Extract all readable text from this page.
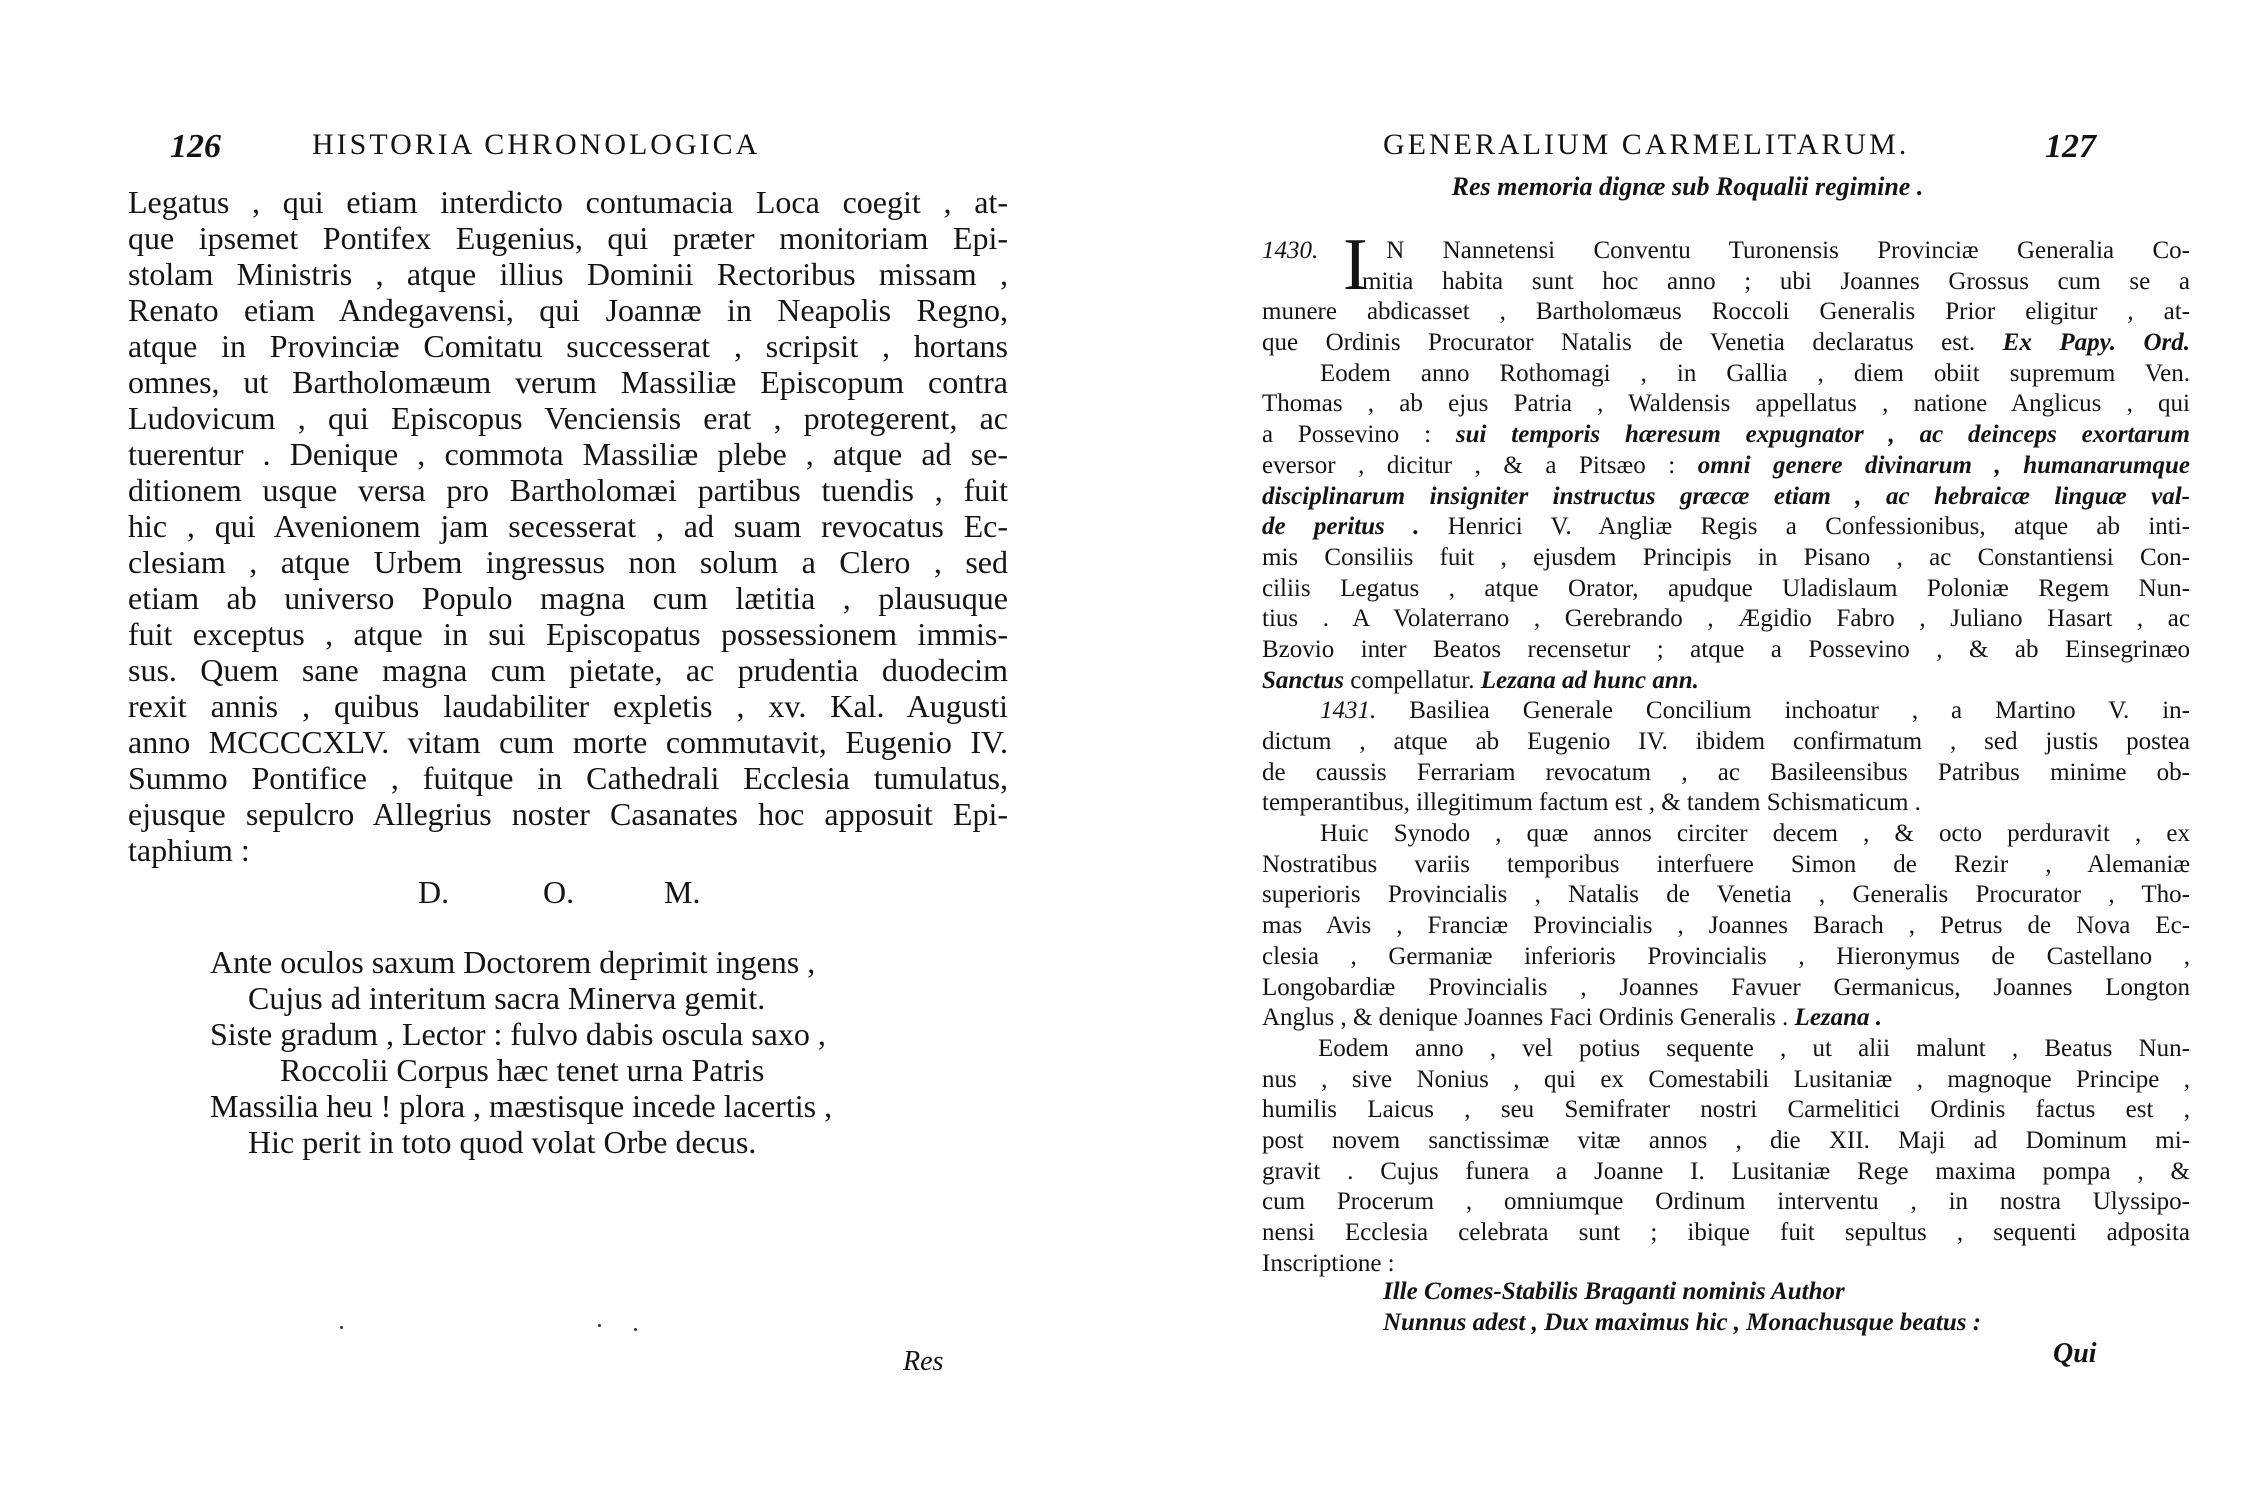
126	HISTORIA CHRONOLOGICA
Legatus , qui etiam interdicto contumacia Loca coegit , at-
que ipsemet Pontifex Eugenius, qui præter monitoriam Epi-
stolam Ministris , atque illius Dominii Rectoribus missam ,
Renato etiam Andegavensi, qui Joannæ in Neapolis Regno,
atque in Provinciæ Comitatu successerat , scripsit , hortans
omnes, ut Bartholomæum verum Massiliæ Episcopum contra
Ludovicum , qui Episcopus Venciensis erat , protegerent, ac
tuerentur . Denique , commota Massiliæ plebe , atque ad se-
ditionem usque versa pro Bartholomæi partibus tuendis , fuit
hic , qui Avenionem jam secesserat , ad suam revocatus Ec-
clesiam , atque Urbem ingressus non solum a Clero , sed
etiam ab universo Populo magna cum lætitia , plausuque
fuit exceptus , atque in sui Episcopatus possessionem immis-
sus. Quem sane magna cum pietate, ac prudentia duodecim
rexit annis , quibus laudabiliter expletis , xv. Kal. Augusti
anno MCCCCXLV. vitam cum morte commutavit, Eugenio IV.
Summo Pontifice , fuitque in Cathedrali Ecclesia tumulatus,
ejusque sepulcro Allegrius noster Casanates hoc apposuit Epi-
taphium :
D.	O.	M.
Ante oculos saxum Doctorem deprimit ingens ,
Cujus ad interitum sacra Minerva gemit.
Siste gradum , Lector : fulvo dabis oscula saxo ,
Roccolii Corpus hæc tenet urna Patris
Massilia heu ! plora , mæstisque incede lacertis ,
Hic perit in toto quod volat Orbe decus.
Res
GENERALIUM CARMELITARUM.	127
Res memoria dignæ sub Roqualii regimine .
I
1430.	N Nannetensi Conventu Turonensis Provinciæ Generalia Co-
mitia habita sunt hoc anno ; ubi Joannes Grossus cum se a
munere abdicasset , Bartholomæus Roccoli Generalis Prior eligitur , at-
que Ordinis Procurator Natalis de Venetia declaratus est. Ex Papy. Ord.
Eodem anno Rothomagi , in Gallia , diem obiit supremum Ven.
Thomas , ab ejus Patria , Waldensis appellatus , natione Anglicus , qui
a Possevino : sui temporis hæresum expugnator , ac deinceps exortarum
eversor , dicitur , & a Pitsæo : omni genere divinarum , humanarumque
disciplinarum insigniter instructus græcæ etiam , ac hebraicæ linguæ val-
de peritus . Henrici V. Angliæ Regis a Confessionibus, atque ab inti-
mis Consiliis fuit , ejusdem Principis in Pisano , ac Constantiensi Con-
ciliis Legatus , atque Orator, apudque Uladislaum Poloniæ Regem Nun-
tius . A Volaterrano , Gerebrando , Ægidio Fabro , Juliano Hasart , ac
Bzovio inter Beatos recensetur ; atque a Possevino , & ab Einsegrinæo
Sanctus compellatur. Lezana ad hunc ann.
1431. Basiliea Generale Concilium inchoatur , a Martino V. in-
dictum , atque ab Eugenio IV. ibidem confirmatum , sed justis postea
de caussis Ferrariam revocatum , ac Basileensibus Patribus minime ob-
temperantibus, illegitimum factum est , & tandem Schismaticum .
Huic Synodo , quæ annos circiter decem , & octo perduravit , ex
Nostratibus variis temporibus interfuere Simon de Rezir , Alemaniæ
superioris Provincialis , Natalis de Venetia , Generalis Procurator , Tho-
mas Avis , Franciæ Provincialis , Joannes Barach , Petrus de Nova Ec-
clesia , Germaniæ inferioris Provincialis , Hieronymus de Castellano ,
Longobardiæ Provincialis , Joannes Favuer Germanicus, Joannes Longton
Anglus , & denique Joannes Faci Ordinis Generalis . Lezana .
Eodem anno , vel potius sequente , ut alii malunt , Beatus Nun-
nus , sive Nonius , qui ex Comestabili Lusitaniæ , magnoque Principe ,
humilis Laicus , seu Semifrater nostri Carmelitici Ordinis factus est ,
post novem sanctissimæ vitæ annos , die XII. Maji ad Dominum mi-
gravit . Cujus funera a Joanne I. Lusitaniæ Rege maxima pompa , &
cum Procerum , omniumque Ordinum interventu , in nostra Ulyssipo-
nensi Ecclesia celebrata sunt ; ibique fuit sepultus , sequenti adposita
Inscriptione :
Ille Comes-Stabilis Braganti nominis Author
Nunnus adest , Dux maximus hic , Monachusque beatus :
Qui
